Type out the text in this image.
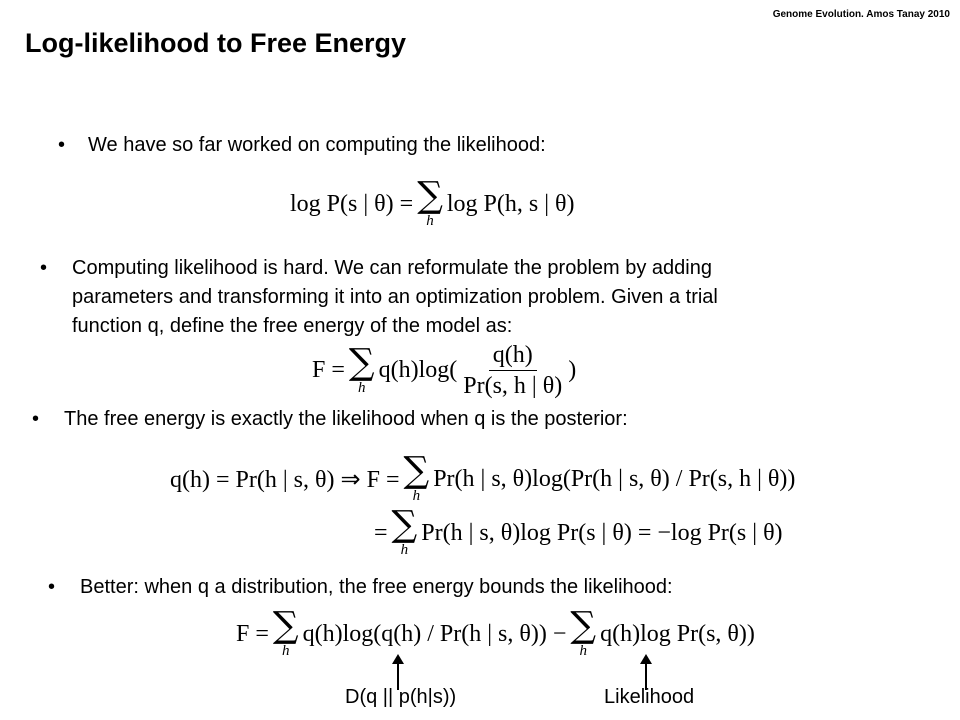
Genome Evolution. Amos Tanay 2010
Log-likelihood to Free Energy
• We have so far worked on computing the likelihood:
log P(s | θ) = ∑
h
log P(h, s | θ)
• Computing likelihood is hard. We can reformulate the problem by adding
parameters and transforming it into an optimization problem. Given a trial
function q, define the free energy of the model as:
F = ∑
h
$q(h)\log( \frac{q(h)}{Pr(s, h | \theta)}$ )
• The free energy is exactly the likelihood when q is the posterior:
q(h) = Pr(h | s, θ) ⇒ F = ∑
h
Pr(h | s, θ)log(Pr(h | s, θ) / Pr(s, h | θ))
= ∑
h
Pr(h | s, θ)log Pr(s | θ) = −log Pr(s | θ)
• Better: when q a distribution, the free energy bounds the likelihood:
F = ∑
h
q(h)log(q(h) / Pr(h | s, θ)) − ∑
h
q(h)log Pr(s, θ))
D(q || p(h|s))	Likelihood
